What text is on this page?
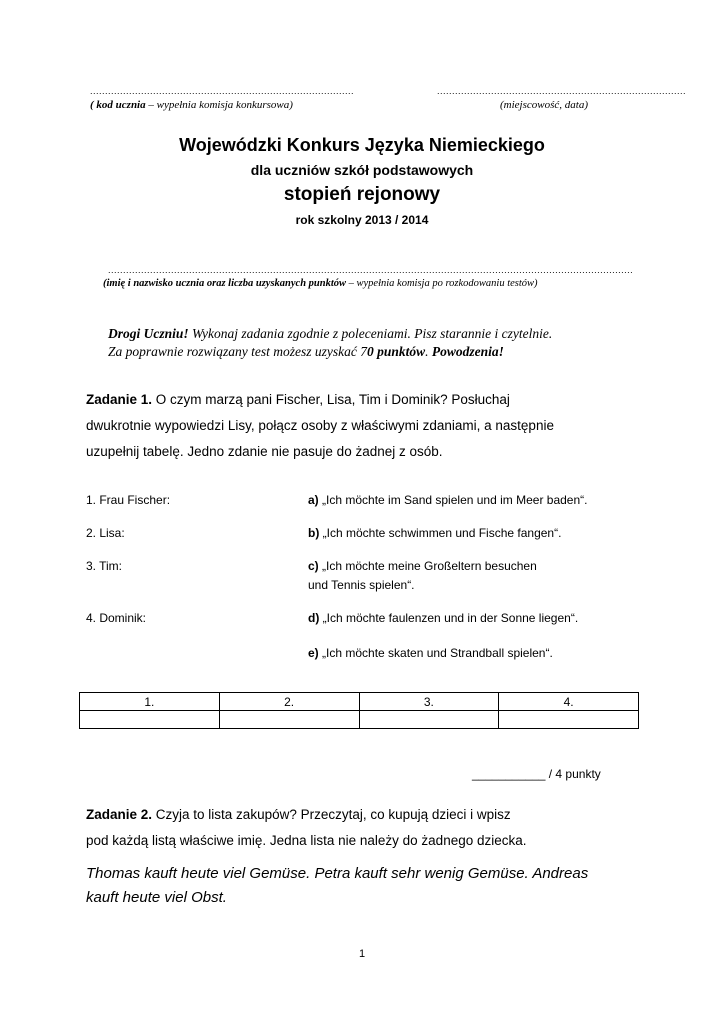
........................................................................................
( kod ucznia – wypełnia komisja konkursowa)
...................................................................................
(miejscowość, data)
Wojewódzki Konkurs Języka Niemieckiego
dla uczniów szkół podstawowych
stopień rejonowy
rok szkolny 2013 / 2014
...............................................................................................................................................................................
(imię i nazwisko ucznia oraz liczba uzyskanych punktów – wypełnia komisja po rozkodowaniu testów)
Drogi Uczniu! Wykonaj zadania zgodnie z poleceniami. Pisz starannie i czytelnie.
Za poprawnie rozwiązany test możesz uzyskać 70 punktów. Powodzenia!
Zadanie 1. O czym marzą pani Fischer, Lisa, Tim i Dominik? Posłuchaj
dwukrotnie wypowiedzi Lisy, połącz osoby z właściwymi zdaniami, a następnie
uzupełnij tabelę. Jedno zdanie nie pasuje do żadnej z osób.
1. Frau Fischer:
2. Lisa:
3. Tim:
4. Dominik:
a) „Ich möchte im Sand spielen und im Meer baden“.
b) „Ich möchte schwimmen und Fische fangen“.
c) „Ich möchte meine Großeltern besuchen
und Tennis spielen“.
d) „Ich möchte faulenzen und in der Sonne liegen“.
e) „Ich möchte skaten und Strandball spielen“.
1.	2.	3.	4.

___________ / 4 punkty
Zadanie 2. Czyja to lista zakupów? Przeczytaj, co kupują dzieci i wpisz
pod każdą listą właściwe imię. Jedna lista nie należy do żadnego dziecka.
Thomas kauft heute viel Gemüse. Petra kauft sehr wenig Gemüse. Andreas
kauft heute viel Obst.
1
